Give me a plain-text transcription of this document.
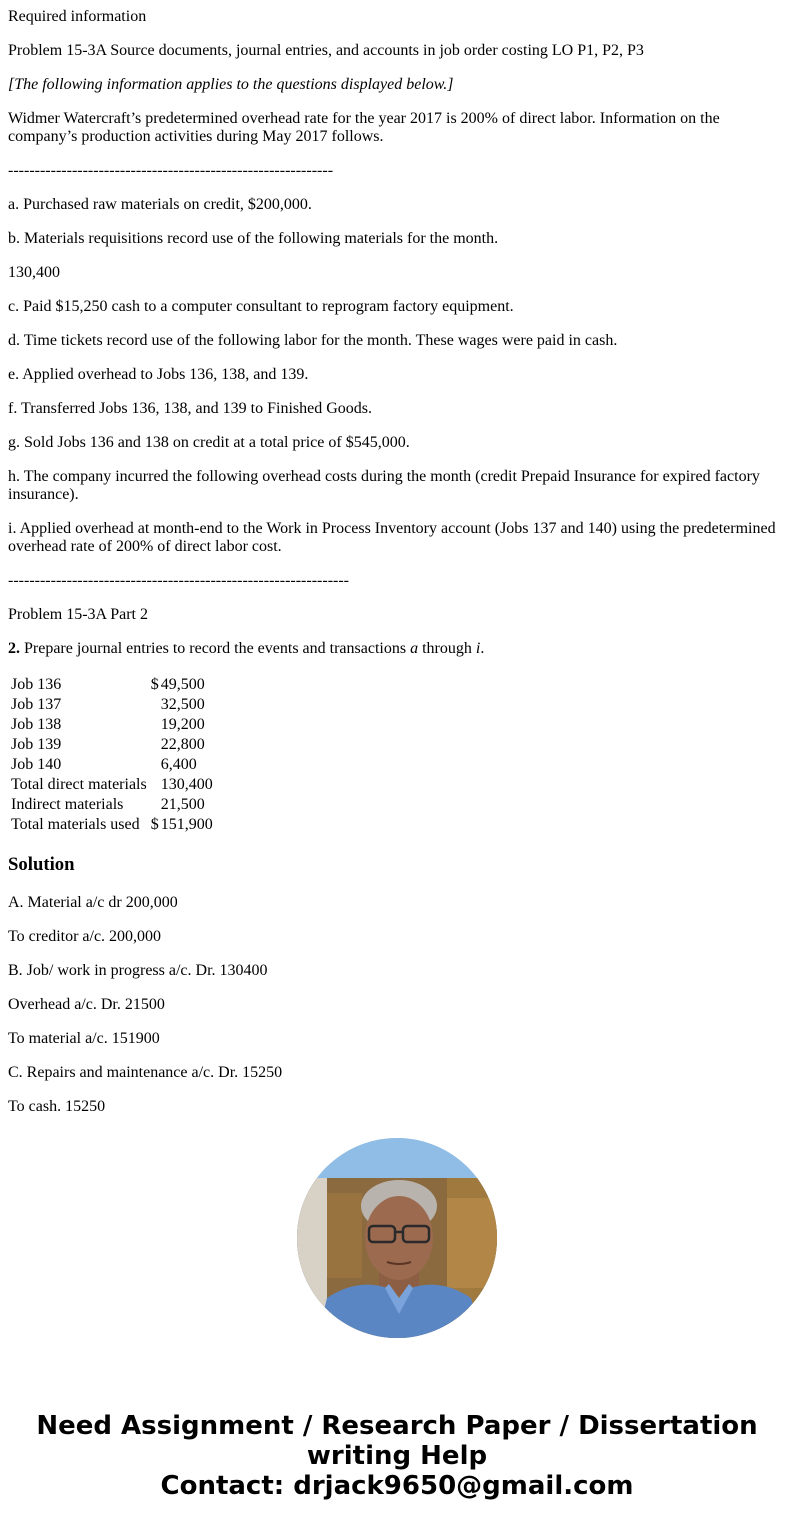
Required information

Problem 15-3A Source documents, journal entries, and accounts in job order costing LO P1, P2, P3

[The following information applies to the questions displayed below.]

Widmer Watercraft’s predetermined overhead rate for the year 2017 is 200% of direct labor. Information on the company’s production activities during May 2017 follows.

-------------------------------------------------------------

a. Purchased raw materials on credit, $200,000.

b. Materials requisitions record use of the following materials for the month.

130,400

c. Paid $15,250 cash to a computer consultant to reprogram factory equipment.

d. Time tickets record use of the following labor for the month. These wages were paid in cash.

e. Applied overhead to Jobs 136, 138, and 139.

f. Transferred Jobs 136, 138, and 139 to Finished Goods.

g. Sold Jobs 136 and 138 on credit at a total price of $545,000.

h. The company incurred the following overhead costs during the month (credit Prepaid Insurance for expired factory insurance).

i. Applied overhead at month-end to the Work in Process Inventory account (Jobs 137 and 140) using the predetermined overhead rate of 200% of direct labor cost.

----------------------------------------------------------------

Problem 15-3A Part 2

2. Prepare journal entries to record the events and transactions a through i.

Job 136	$	49,500
Job 137		32,500
Job 138		19,200
Job 139		22,800
Job 140		6,400
Total direct materials		130,400
Indirect materials		21,500
Total materials used	$	151,900
Solution

A. Material a/c dr 200,000

To creditor a/c. 200,000

B. Job/ work in progress a/c. Dr. 130400

Overhead a/c. Dr. 21500

To material a/c. 151900

C. Repairs and maintenance a/c. Dr. 15250

To cash. 15250

Need Assignment / Research Paper / Dissertation
writing Help
Contact: drjack9650@gmail.com
